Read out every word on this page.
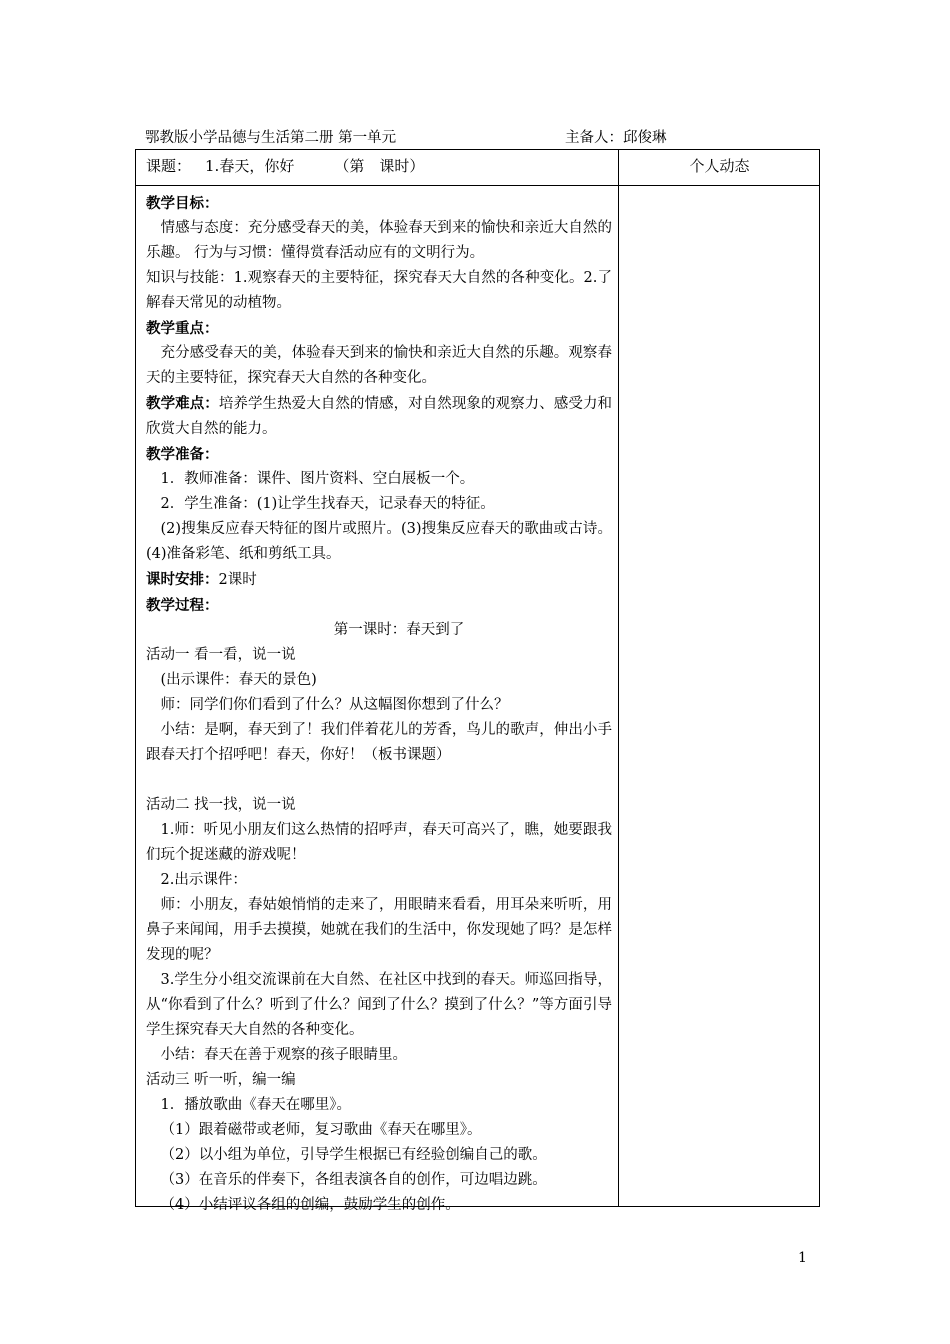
鄂教版小学品德与生活第二册 第一单元	主备人：邱俊琳
课题： 1.春天，你好	（第　课时）	个人动态

教学目标：

情感与态度：充分感受春天的美，体验春天到来的愉快和亲近大自然的乐趣。 行为与习惯：懂得赏春活动应有的文明行为。

知识与技能：1.观察春天的主要特征，探究春天大自然的各种变化。2.了解春天常见的动植物。

教学重点：

充分感受春天的美，体验春天到来的愉快和亲近大自然的乐趣。观察春天的主要特征，探究春天大自然的各种变化。

教学难点：培养学生热爱大自然的情感，对自然现象的观察力、感受力和欣赏大自然的能力。

教学准备：

1．教师准备：课件、图片资料、空白展板一个。

2．学生准备：(1)让学生找春天，记录春天的特征。

(2)搜集反应春天特征的图片或照片。(3)搜集反应春天的歌曲或古诗。(4)准备彩笔、纸和剪纸工具。

课时安排：2课时

教学过程：

第一课时：春天到了

活动一 看一看，说一说

(出示课件：春天的景色)

师：同学们你们看到了什么？从这幅图你想到了什么？

小结：是啊，春天到了！我们伴着花儿的芳香，鸟儿的歌声，伸出小手跟春天打个招呼吧！春天，你好！（板书课题）

活动二 找一找，说一说

1.师：听见小朋友们这么热情的招呼声，春天可高兴了，瞧，她要跟我们玩个捉迷藏的游戏呢！

2.出示课件：

师：小朋友，春姑娘悄悄的走来了，用眼睛来看看，用耳朵来听听，用鼻子来闻闻，用手去摸摸，她就在我们的生活中，你发现她了吗？是怎样发现的呢？

3.学生分小组交流课前在大自然、在社区中找到的春天。师巡回指导，从“你看到了什么？听到了什么？闻到了什么？摸到了什么？”等方面引导学生探究春天大自然的各种变化。

小结：春天在善于观察的孩子眼睛里。

活动三 听一听，编一编

1．播放歌曲《春天在哪里》。

（1）跟着磁带或老师，复习歌曲《春天在哪里》。

（2）以小组为单位，引导学生根据已有经验创编自己的歌。

（3）在音乐的伴奏下，各组表演各自的创作，可边唱边跳。

（4）小结评议各组的创编，鼓励学生的创作。

1
